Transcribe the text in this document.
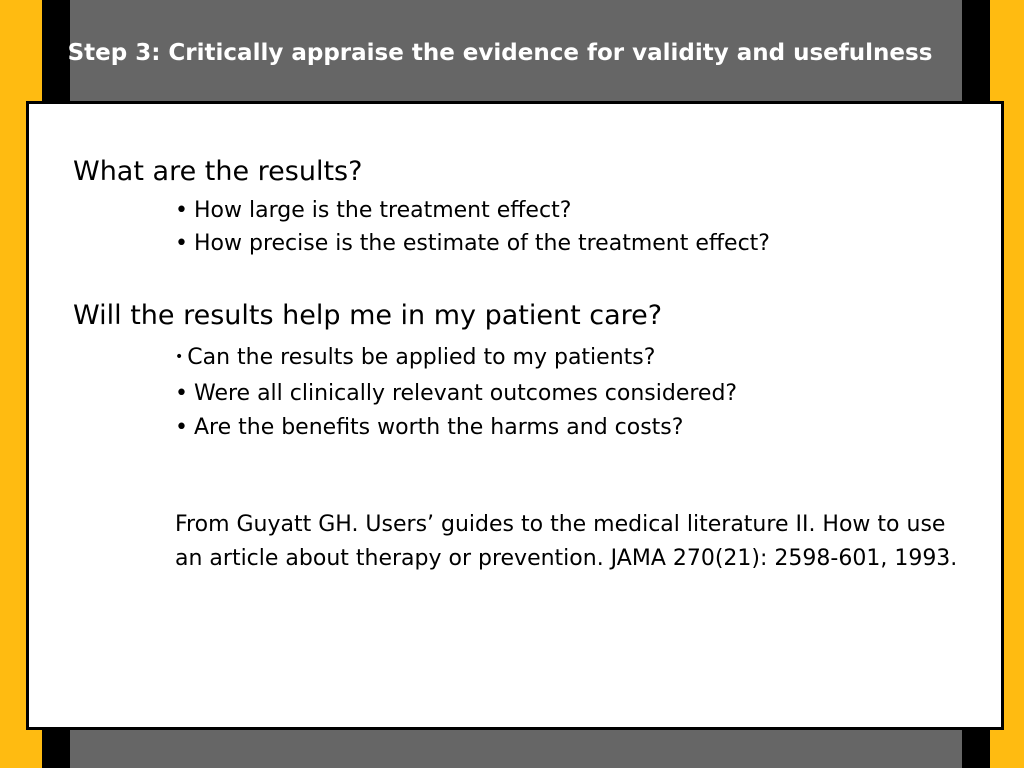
Step 3: Critically appraise the evidence for validity and usefulness
What are the results?
• How large is the treatment effect?
• How precise is the estimate of the treatment effect?
Will the results help me in my patient care?
• Can the results be applied to my patients?
• Were all clinically relevant outcomes considered?
• Are the benefits worth the harms and costs?
From Guyatt GH. Users’ guides to the medical literature II. How to use an article about therapy or prevention. JAMA 270(21): 2598-601, 1993.
